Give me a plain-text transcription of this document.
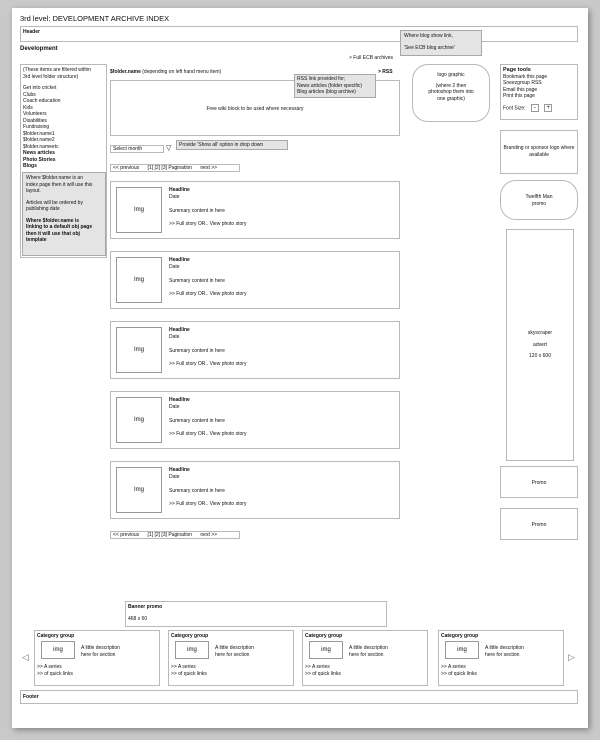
3rd level: DEVELOPMENT ARCHIVE INDEX
Header
Development
Where blog show link,
'See ECB blog archive'
> Full ECB archives
> RSS
(These items are filtered within
3rd level folder structure)
Get into cricket
Clubs
Coach education
Kids
Volunteers
Disabilities
Fundraising
$folder.name1
$folder.name2
$folder.nameetc
News articles
Photo Stories
Blogs
Where $folder.name is an
index page then it will use this
layout.
Articles will be ordered by
publishing date
Where $folder.name is
linking to a default obj page
then it will use that obj
template
$folder.name (depending on left hand menu item)
Free wiki block to be used where necessary
RSS link provided for;
News articles (folder specific)
Blog articles (blog archive)
Select month	▽	Provide 'Show all' option in drop down
<< previous [1] [2] [3] Pagination next >>
Img
Headline
Date
Summary content in here
>> Full story OR.. View photo story
Img
Headline
Date
Summary content in here
>> Full story OR.. View photo story
Img
Headline
Date
Summary content in here
>> Full story OR.. View photo story
Img
Headline
Date
Summary content in here
>> Full story OR.. View photo story
Img
Headline
Date
Summary content in here
>> Full story OR.. View photo story
<< previous [1] [2] [3] Pagination next >>
logo graphic
(where 2 then
photoshop them into
one graphic)
Page tools
Bookmark this page
Sneezgroup RSS
Email this page
Print this page
Font Size: - +
Branding or sponsor logo where
available
Twelfth Man
promo
skyscraper
advert
120 x 600
Promo
Promo
Banner promo
468 x 60
◁	▷
Category group
img	A little description
here for section
>> A series
>> of quick links
Category group
img	A little description
here for section
>> A series
>> of quick links
Category group
img	A little description
here for section
>> A series
>> of quick links
Category group
img	A little description
here for section
>> A series
>> of quick links
Footer
